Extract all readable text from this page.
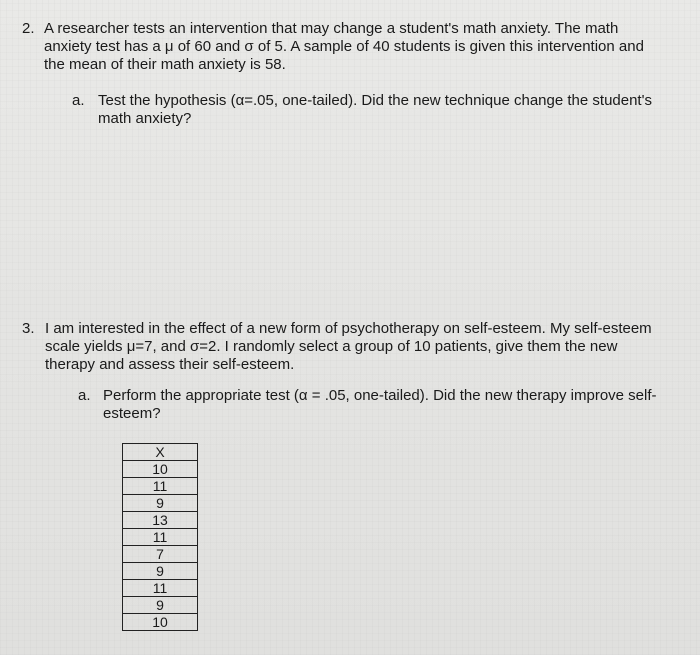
2. A researcher tests an intervention that may change a student's math anxiety. The math
anxiety test has a μ of 60 and σ of 5. A sample of 40 students is given this intervention and
the mean of their math anxiety is 58.
a. Test the hypothesis (α=.05, one-tailed). Did the new technique change the student's
math anxiety?
3. I am interested in the effect of a new form of psychotherapy on self-esteem. My self-esteem
scale yields μ=7, and σ=2. I randomly select a group of 10 patients, give them the new
therapy and assess their self-esteem.
a. Perform the appropriate test (α = .05, one-tailed). Did the new therapy improve self-
esteem?
X
10
11
9
13
11
7
9
11
9
10
